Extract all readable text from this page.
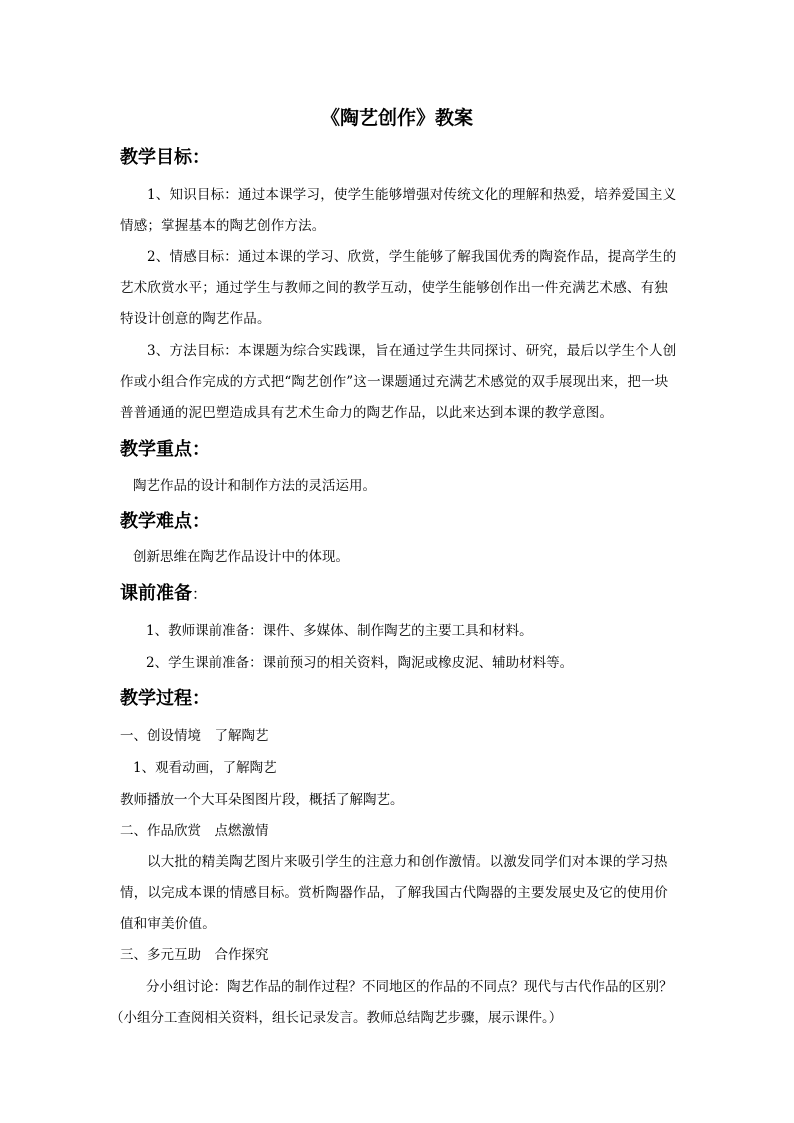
《陶艺创作》教案
教学目标：
1、知识目标：通过本课学习，使学生能够增强对传统文化的理解和热爱，培养爱国主义情感；掌握基本的陶艺创作方法。
2、情感目标：通过本课的学习、欣赏，学生能够了解我国优秀的陶瓷作品，提高学生的艺术欣赏水平；通过学生与教师之间的教学互动，使学生能够创作出一件充满艺术感、有独特设计创意的陶艺作品。
3、方法目标：本课题为综合实践课，旨在通过学生共同探讨、研究，最后以学生个人创作或小组合作完成的方式把“陶艺创作”这一课题通过充满艺术感觉的双手展现出来，把一块普普通通的泥巴塑造成具有艺术生命力的陶艺作品，以此来达到本课的教学意图。
教学重点：
陶艺作品的设计和制作方法的灵活运用。
教学难点：
创新思维在陶艺作品设计中的体现。
课前准备：
1、教师课前准备：课件、多媒体、制作陶艺的主要工具和材料。
2、学生课前准备：课前预习的相关资料，陶泥或橡皮泥、辅助材料等。
教学过程：
一、创设情境　了解陶艺
1、观看动画，了解陶艺
教师播放一个大耳朵图图片段，概括了解陶艺。
二、作品欣赏　点燃激情
以大批的精美陶艺图片来吸引学生的注意力和创作激情。以激发同学们对本课的学习热情，以完成本课的情感目标。赏析陶器作品，了解我国古代陶器的主要发展史及它的使用价值和审美价值。
三、多元互助　合作探究
分小组讨论：陶艺作品的制作过程？不同地区的作品的不同点？现代与古代作品的区别？
（小组分工查阅相关资料，组长记录发言。教师总结陶艺步骤，展示课件。）
